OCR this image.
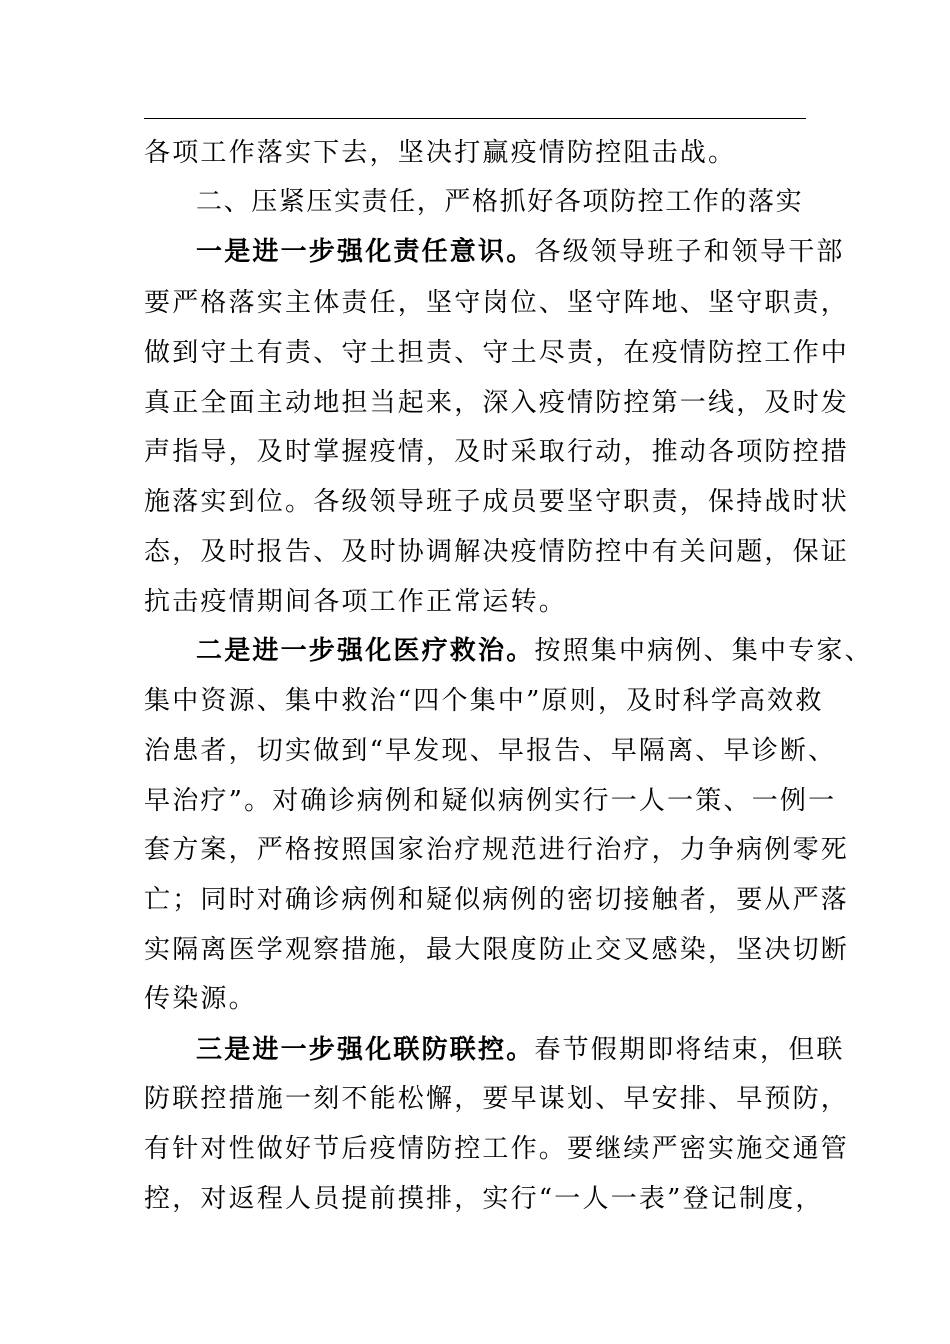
各项工作落实下去，坚决打赢疫情防控阻击战。
二、压紧压实责任，严格抓好各项防控工作的落实
一是进一步强化责任意识。各级领导班子和领导干部
要严格落实主体责任，坚守岗位、坚守阵地、坚守职责，
做到守土有责、守土担责、守土尽责，在疫情防控工作中
真正全面主动地担当起来，深入疫情防控第一线，及时发
声指导，及时掌握疫情，及时采取行动，推动各项防控措
施落实到位。各级领导班子成员要坚守职责，保持战时状
态，及时报告、及时协调解决疫情防控中有关问题，保证
抗击疫情期间各项工作正常运转。
二是进一步强化医疗救治。按照集中病例、集中专家、
集中资源、集中救治“四个集中”原则，及时科学高效救
治患者，切实做到“早发现、早报告、早隔离、早诊断、
早治疗”。对确诊病例和疑似病例实行一人一策、一例一
套方案，严格按照国家治疗规范进行治疗，力争病例零死
亡；同时对确诊病例和疑似病例的密切接触者，要从严落
实隔离医学观察措施，最大限度防止交叉感染，坚决切断
传染源。
三是进一步强化联防联控。春节假期即将结束，但联
防联控措施一刻不能松懈，要早谋划、早安排、早预防，
有针对性做好节后疫情防控工作。要继续严密实施交通管
控，对返程人员提前摸排，实行“一人一表”登记制度，
